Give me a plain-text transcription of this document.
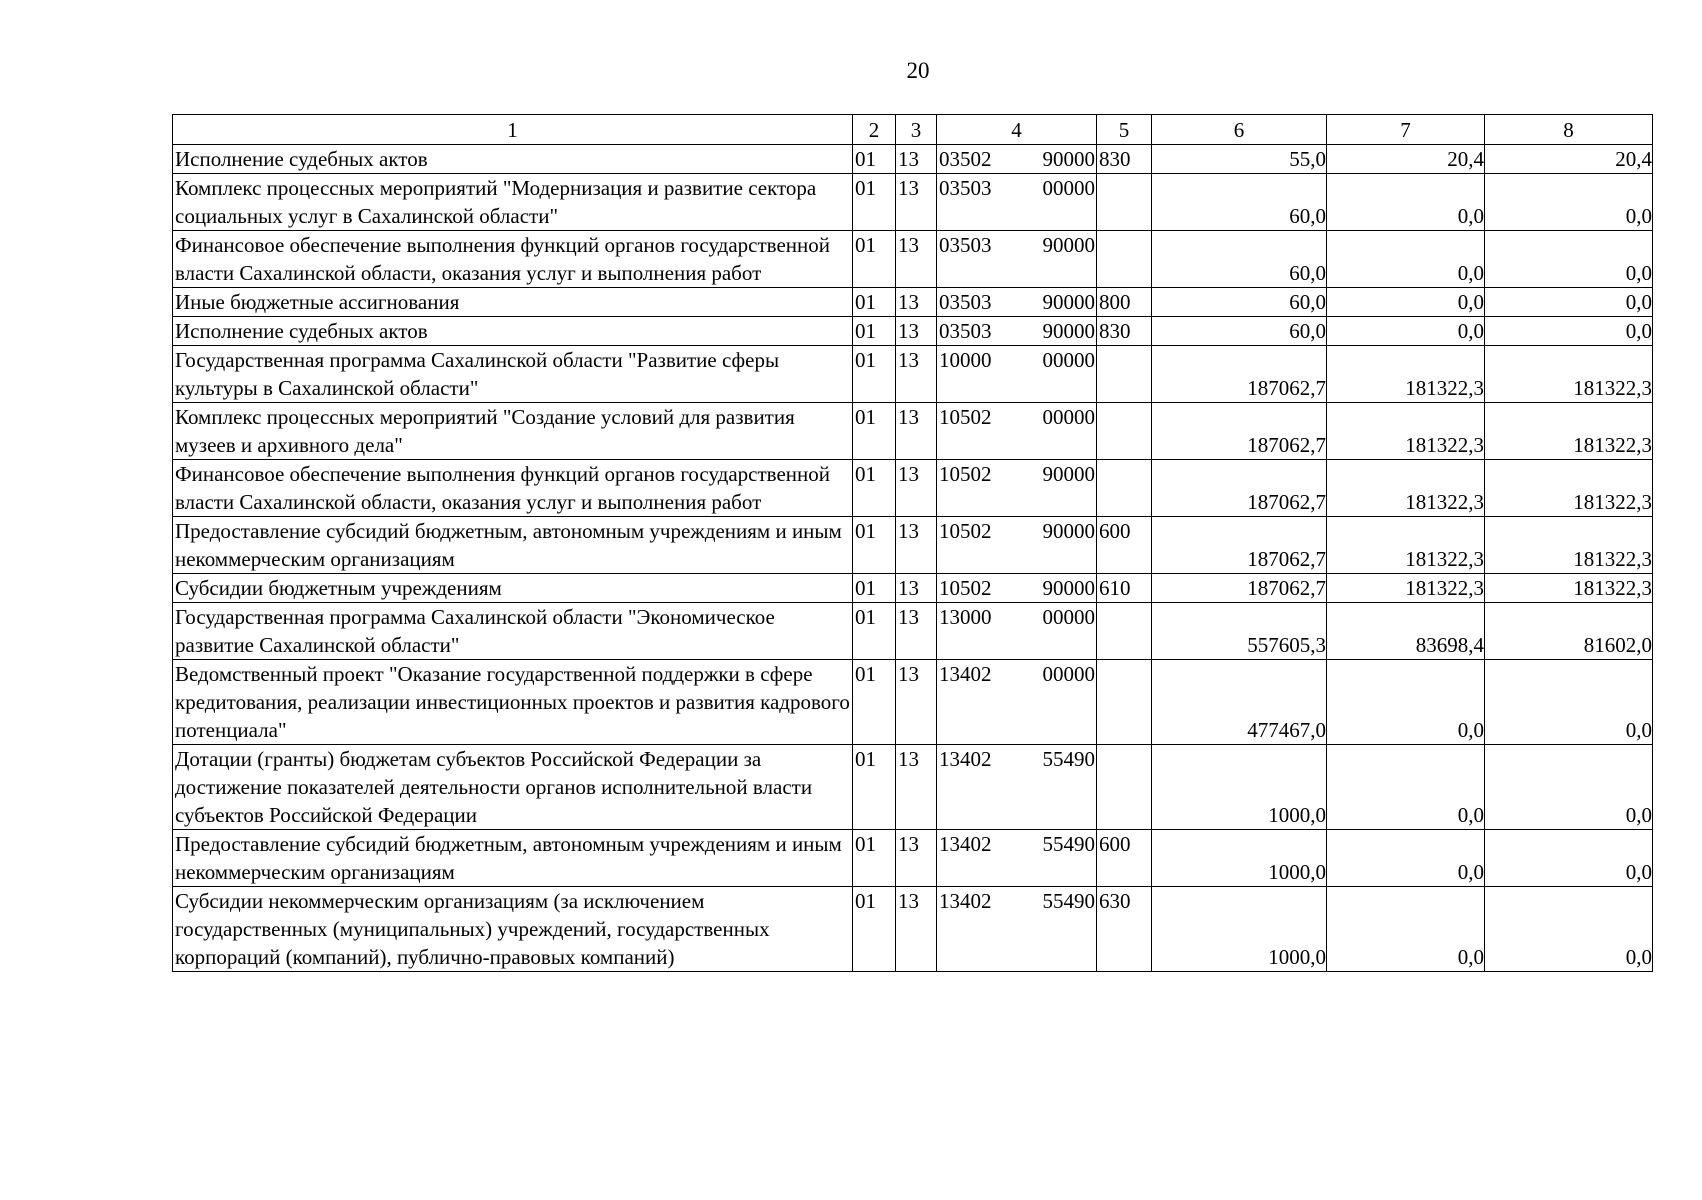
20
1	2	3	4	5	6	7	8
Исполнение судебных актов	01	13	03502 90000	830	55,0	20,4	20,4
Комплекс процессных мероприятий "Модернизация и развитие сектора социальных услуг в Сахалинской области"	01	13	03503 00000		60,0	0,0	0,0
Финансовое обеспечение выполнения функций органов государственной власти Сахалинской области, оказания услуг и выполнения работ	01	13	03503 90000		60,0	0,0	0,0
Иные бюджетные ассигнования	01	13	03503 90000	800	60,0	0,0	0,0
Исполнение судебных актов	01	13	03503 90000	830	60,0	0,0	0,0
Государственная программа Сахалинской области "Развитие сферы культуры в Сахалинской области"	01	13	10000 00000		187062,7	181322,3	181322,3
Комплекс процессных мероприятий "Создание условий для развития музеев и архивного дела"	01	13	10502 00000		187062,7	181322,3	181322,3
Финансовое обеспечение выполнения функций органов государственной власти Сахалинской области, оказания услуг и выполнения работ	01	13	10502 90000		187062,7	181322,3	181322,3
Предоставление субсидий бюджетным, автономным учреждениям и иным некоммерческим организациям	01	13	10502 90000	600	187062,7	181322,3	181322,3
Субсидии бюджетным учреждениям	01	13	10502 90000	610	187062,7	181322,3	181322,3
Государственная программа Сахалинской области "Экономическое развитие Сахалинской области"	01	13	13000 00000		557605,3	83698,4	81602,0
Ведомственный проект "Оказание государственной поддержки в сфере кредитования, реализации инвестиционных проектов и развития кадрового потенциала"	01	13	13402 00000		477467,0	0,0	0,0
Дотации (гранты) бюджетам субъектов Российской Федерации за достижение показателей деятельности органов исполнительной власти субъектов Российской Федерации	01	13	13402 55490		1000,0	0,0	0,0
Предоставление субсидий бюджетным, автономным учреждениям и иным некоммерческим организациям	01	13	13402 55490	600	1000,0	0,0	0,0
Субсидии некоммерческим организациям (за исключением государственных (муниципальных) учреждений, государственных корпораций (компаний), публично-правовых компаний)	01	13	13402 55490	630	1000,0	0,0	0,0
